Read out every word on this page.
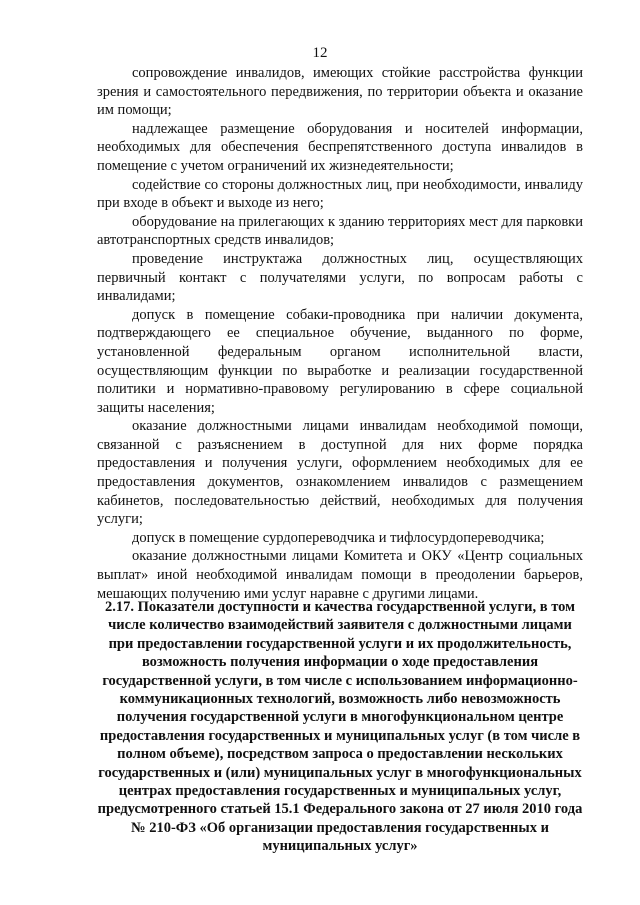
12

сопровождение инвалидов, имеющих стойкие расстройства функции зрения и самостоятельного передвижения, по территории объекта и оказание им помощи;

надлежащее размещение оборудования и носителей информации, необходимых для обеспечения беспрепятственного доступа инвалидов в помещение с учетом ограничений их жизнедеятельности;

содействие со стороны должностных лиц, при необходимости, инвалиду при входе в объект и выходе из него;

оборудование на прилегающих к зданию территориях мест для парковки автотранспортных средств инвалидов;

проведение инструктажа должностных лиц, осуществляющих первичный контакт с получателями услуги, по вопросам работы с инвалидами;

допуск в помещение собаки-проводника при наличии документа, подтверждающего ее специальное обучение, выданного по форме, установленной федеральным органом исполнительной власти, осуществляющим функции по выработке и реализации государственной политики и нормативно-правовому регулированию в сфере социальной защиты населения;

оказание должностными лицами инвалидам необходимой помощи, связанной с разъяснением в доступной для них форме порядка предоставления и получения услуги, оформлением необходимых для ее предоставления документов, ознакомлением инвалидов с размещением кабинетов, последовательностью действий, необходимых для получения услуги;

допуск в помещение сурдопереводчика и тифлосурдопереводчика;

оказание должностными лицами Комитета и ОКУ «Центр социальных выплат» иной необходимой инвалидам помощи в преодолении барьеров, мешающих получению ими услуг наравне с другими лицами.

2.17. Показатели доступности и качества государственной услуги, в том числе количество взаимодействий заявителя с должностными лицами при предоставлении государственной услуги и их продолжительность, возможность получения информации о ходе предоставления государственной услуги, в том числе с использованием информационно-коммуникационных технологий, возможность либо невозможность получения государственной услуги в многофункциональном центре предоставления государственных и муниципальных услуг (в том числе в полном объеме), посредством запроса о предоставлении нескольких государственных и (или) муниципальных услуг в многофункциональных центрах предоставления государственных и муниципальных услуг, предусмотренного статьей 15.1 Федерального закона от 27 июля 2010 года № 210-ФЗ «Об организации предоставления государственных и муниципальных услуг»
